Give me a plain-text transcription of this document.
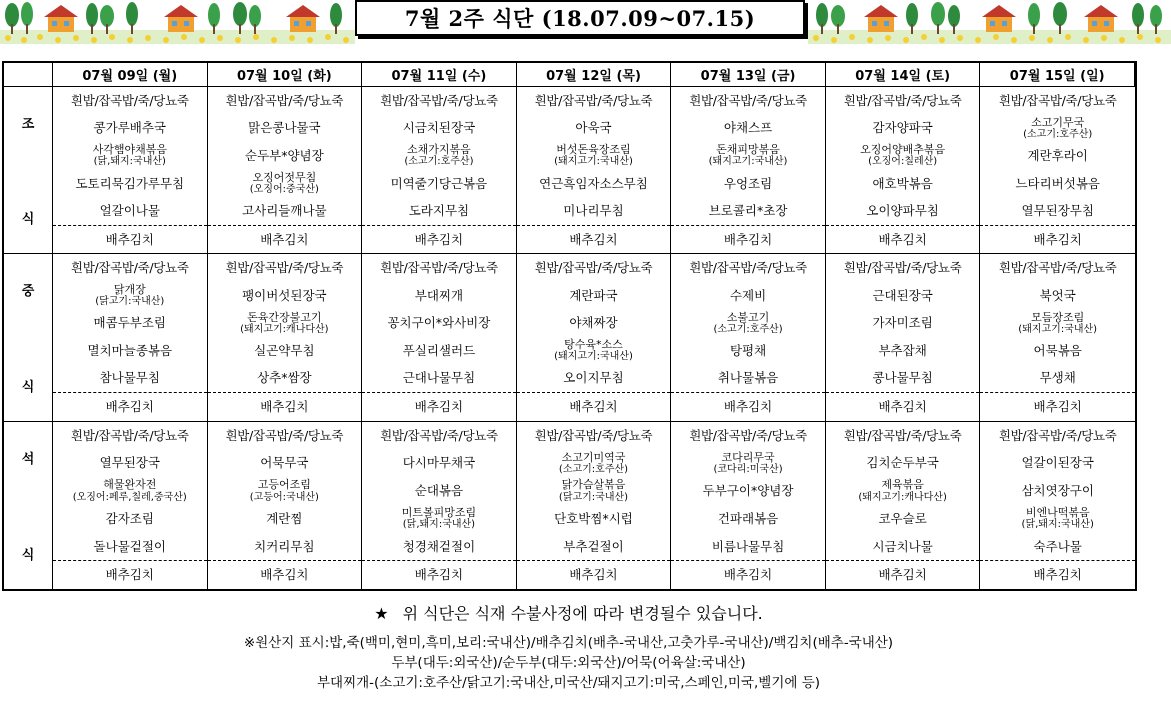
7월 2주 식단 (18.07.09~07.15)
07월 09일 (월)	07월 10일 (화)	07월 11일 (수)	07월 12일 (목)	07월 13일 (금)	07월 14일 (토)	07월 15일 (일)
조
식
흰밥/잡곡밥/죽/당뇨죽
콩가루배추국
사각햄야채볶음
(닭,돼지:국내산)
도토리묵김가루무침
얼갈이나물
배추김치
흰밥/잡곡밥/죽/당뇨죽
맑은콩나물국
순두부*양념장
오징어젓무침
(오징어:중국산)
고사리들깨나물
배추김치
흰밥/잡곡밥/죽/당뇨죽
시금치된장국
소채가지볶음
(소고기:호주산)
미역줄기당근볶음
도라지무침
배추김치
흰밥/잡곡밥/죽/당뇨죽
아욱국
버섯돈육장조림
(돼지고기:국내산)
연근흑임자소스무침
미나리무침
배추김치
흰밥/잡곡밥/죽/당뇨죽
야채스프
돈채피망볶음
(돼지고기:국내산)
우엉조림
브로콜리*초장
배추김치
흰밥/잡곡밥/죽/당뇨죽
감자양파국
오징어양배추볶음
(오징어:칠레산)
애호박볶음
오이양파무침
배추김치
흰밥/잡곡밥/죽/당뇨죽
소고기무국
(소고기:호주산)
계란후라이
느타리버섯볶음
열무된장무침
배추김치
중
식
흰밥/잡곡밥/죽/당뇨죽
닭개장
(닭고기:국내산)
매콤두부조림
멸치마늘종볶음
참나물무침
배추김치
흰밥/잡곡밥/죽/당뇨죽
팽이버섯된장국
돈육간장불고기
(돼지고기:캐나다산)
실곤약무침
상추*쌈장
배추김치
흰밥/잡곡밥/죽/당뇨죽
부대찌개
꽁치구이*와사비장
푸실리샐러드
근대나물무침
배추김치
흰밥/잡곡밥/죽/당뇨죽
계란파국
야채짜장
탕수육*소스
(돼지고기:국내산)
오이지무침
배추김치
흰밥/잡곡밥/죽/당뇨죽
수제비
소불고기
(소고기:호주산)
탕평채
취나물볶음
배추김치
흰밥/잡곡밥/죽/당뇨죽
근대된장국
가자미조림
부추잡채
콩나물무침
배추김치
흰밥/잡곡밥/죽/당뇨죽
북엇국
모듬장조림
(돼지고기:국내산)
어묵볶음
무생채
배추김치
석
식
흰밥/잡곡밥/죽/당뇨죽
열무된장국
해물완자전
(오징어:페루,칠레,중국산)
감자조림
돌나물겉절이
배추김치
흰밥/잡곡밥/죽/당뇨죽
어묵무국
고등어조림
(고등어:국내산)
계란찜
치커리무침
배추김치
흰밥/잡곡밥/죽/당뇨죽
다시마무채국
순대볶음
미트볼피망조림
(닭,돼지:국내산)
청경채겉절이
배추김치
흰밥/잡곡밥/죽/당뇨죽
소고기미역국
(소고기:호주산)
닭가슴살볶음
(닭고기:국내산)
단호박찜*시럽
부추겉절이
배추김치
흰밥/잡곡밥/죽/당뇨죽
코다리무국
(코다리:미국산)
두부구이*양념장
건파래볶음
비름나물무침
배추김치
흰밥/잡곡밥/죽/당뇨죽
김치순두부국
제육볶음
(돼지고기:캐나다산)
코우슬로
시금치나물
배추김치
흰밥/잡곡밥/죽/당뇨죽
얼갈이된장국
삼치엿장구이
비엔나떡볶음
(닭,돼지:국내산)
숙주나물
배추김치
★ 위 식단은 식재 수불사정에 따라 변경될수 있습니다.
※원산지 표시:밥,죽(백미,현미,흑미,보리:국내산)/배추김치(배추-국내산,고춧가루-국내산)/백김치(배추-국내산)
두부(대두:외국산)/순두부(대두:외국산)/어묵(어육살:국내산)
부대찌개-(소고기:호주산/닭고기:국내산,미국산/돼지고기:미국,스페인,미국,벨기에 등)
